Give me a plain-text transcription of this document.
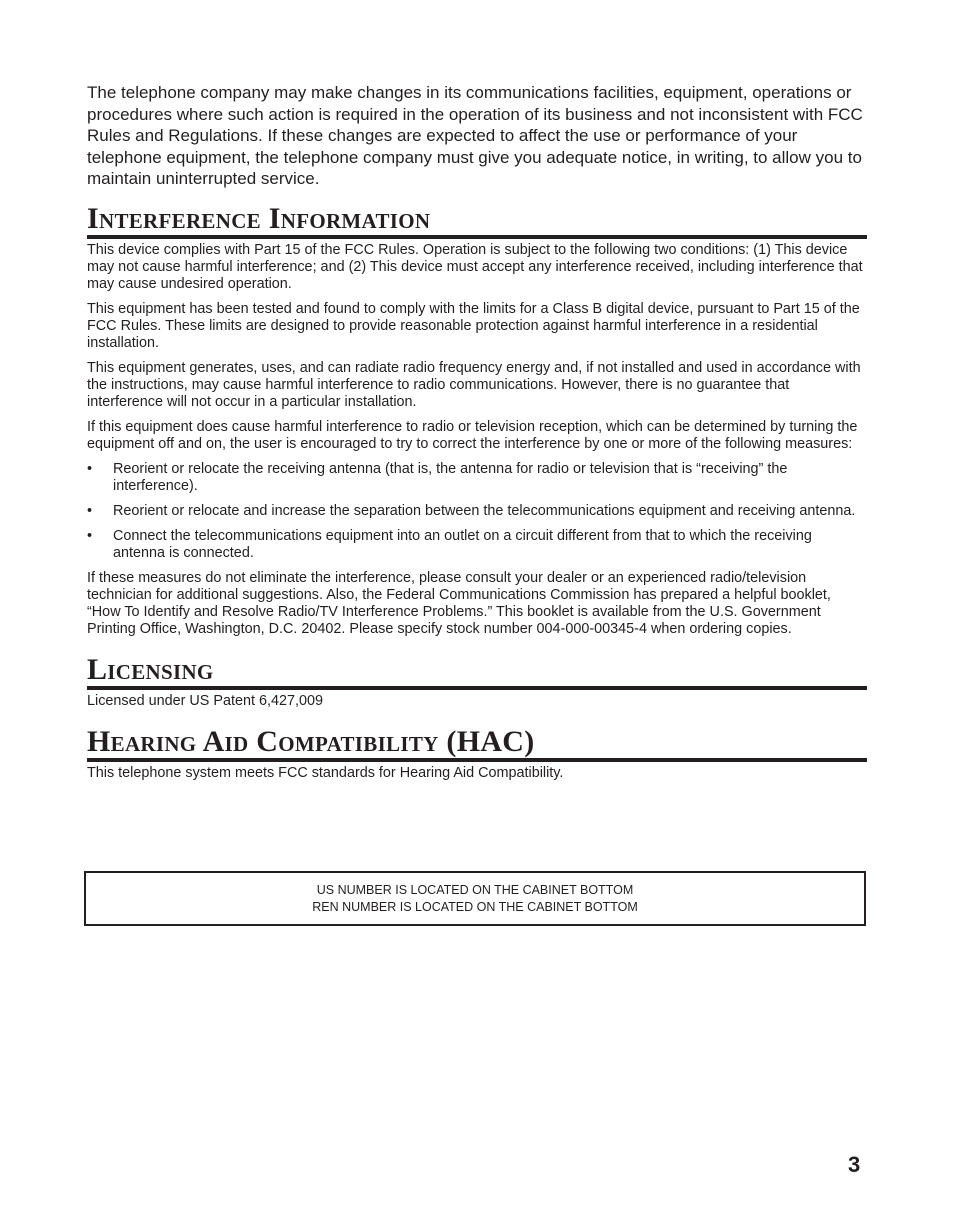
The telephone company may make changes in its communications facilities, equipment, operations or procedures where such action is required in the operation of its business and not inconsistent with FCC Rules and Regulations. If these changes are expected to affect the use or performance of your telephone equipment, the telephone company must give you adequate notice, in writing, to allow you to maintain uninterrupted service.

Interference Information

This device complies with Part 15 of the FCC Rules. Operation is subject to the following two conditions: (1) This device may not cause harmful interference; and (2) This device must accept any interference received, including interference that may cause undesired operation.

This equipment has been tested and found to comply with the limits for a Class B digital device, pursuant to Part 15 of the FCC Rules. These limits are designed to provide reasonable protection against harmful interference in a residential installation.

This equipment generates, uses, and can radiate radio frequency energy and, if not installed and used in accordance with the instructions, may cause harmful interference to radio communications. However, there is no guarantee that interference will not occur in a particular installation.

If this equipment does cause harmful interference to radio or television reception, which can be determined by turning the equipment off and on, the user is encouraged to try to correct the interference by one or more of the following measures:

• Reorient or relocate the receiving antenna (that is, the antenna for radio or television that is “receiving” the interference).
• Reorient or relocate and increase the separation between the telecommunications equipment and receiving antenna.
• Connect the telecommunications equipment into an outlet on a circuit different from that to which the receiving antenna is connected.

If these measures do not eliminate the interference, please consult your dealer or an experienced radio/television technician for additional suggestions. Also, the Federal Communications Commission has prepared a helpful booklet, “How To Identify and Resolve Radio/TV Interference Problems.” This booklet is available from the U.S. Government Printing Office, Washington, D.C. 20402. Please specify stock number 004-000-00345-4 when ordering copies.

Licensing

Licensed under US Patent 6,427,009

Hearing Aid Compatibility (HAC)

This telephone system meets FCC standards for Hearing Aid Compatibility.

US NUMBER IS LOCATED ON THE CABINET BOTTOM
REN NUMBER IS LOCATED ON THE CABINET BOTTOM
3
